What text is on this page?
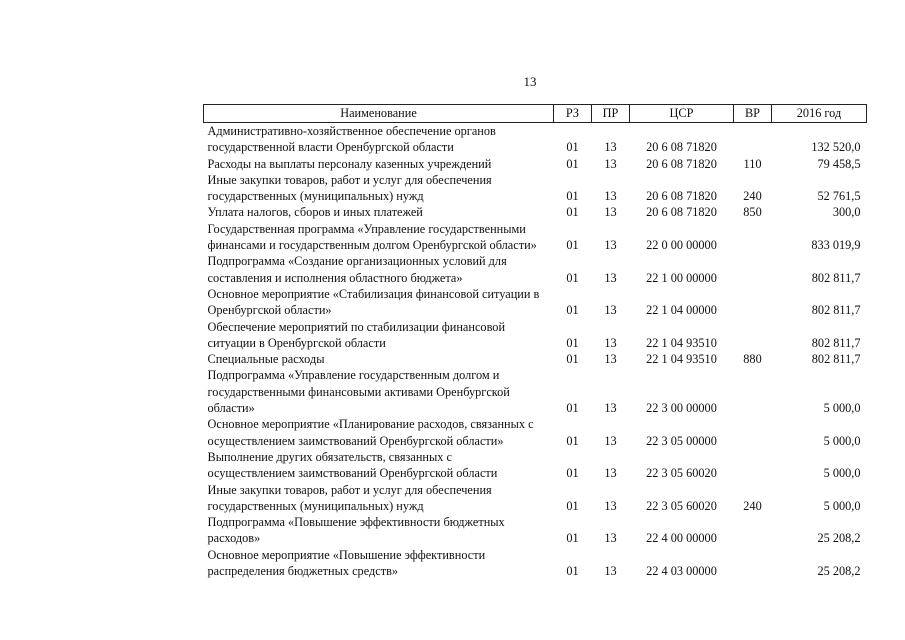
13
Наименование	РЗ	ПР	ЦСР	ВР	2016 год

Административно-хозяйственное обеспечение органов
государственной власти Оренбургской области	01	13	20 6 08 71820		132 520,0

Расходы на выплаты персоналу казенных учреждений	01	13	20 6 08 71820	110	79 458,5

Иные закупки товаров, работ и услуг для обеспечения
государственных (муниципальных) нужд	01	13	20 6 08 71820	240	52 761,5

Уплата налогов, сборов и иных платежей	01	13	20 6 08 71820	850	300,0

Государственная программа «Управление государственными
финансами и государственным долгом Оренбургской области»	01	13	22 0 00 00000		833 019,9

Подпрограмма «Создание организационных условий для
составления и исполнения областного бюджета»	01	13	22 1 00 00000		802 811,7

Основное мероприятие «Стабилизация финансовой ситуации в
Оренбургской области»	01	13	22 1 04 00000		802 811,7

Обеспечение мероприятий по стабилизации финансовой
ситуации в Оренбургской области	01	13	22 1 04 93510		802 811,7

Специальные расходы	01	13	22 1 04 93510	880	802 811,7

Подпрограмма «Управление государственным долгом и
государственными финансовыми активами Оренбургской
области»	01	13	22 3 00 00000		5 000,0

Основное мероприятие «Планирование расходов, связанных с
осуществлением заимствований Оренбургской области»	01	13	22 3 05 00000		5 000,0

Выполнение других обязательств, связанных с
осуществлением заимствований Оренбургской области	01	13	22 3 05 60020		5 000,0

Иные закупки товаров, работ и услуг для обеспечения
государственных (муниципальных) нужд	01	13	22 3 05 60020	240	5 000,0

Подпрограмма «Повышение эффективности бюджетных
расходов»	01	13	22 4 00 00000		25 208,2

Основное мероприятие «Повышение эффективности
распределения бюджетных средств»	01	13	22 4 03 00000		25 208,2
